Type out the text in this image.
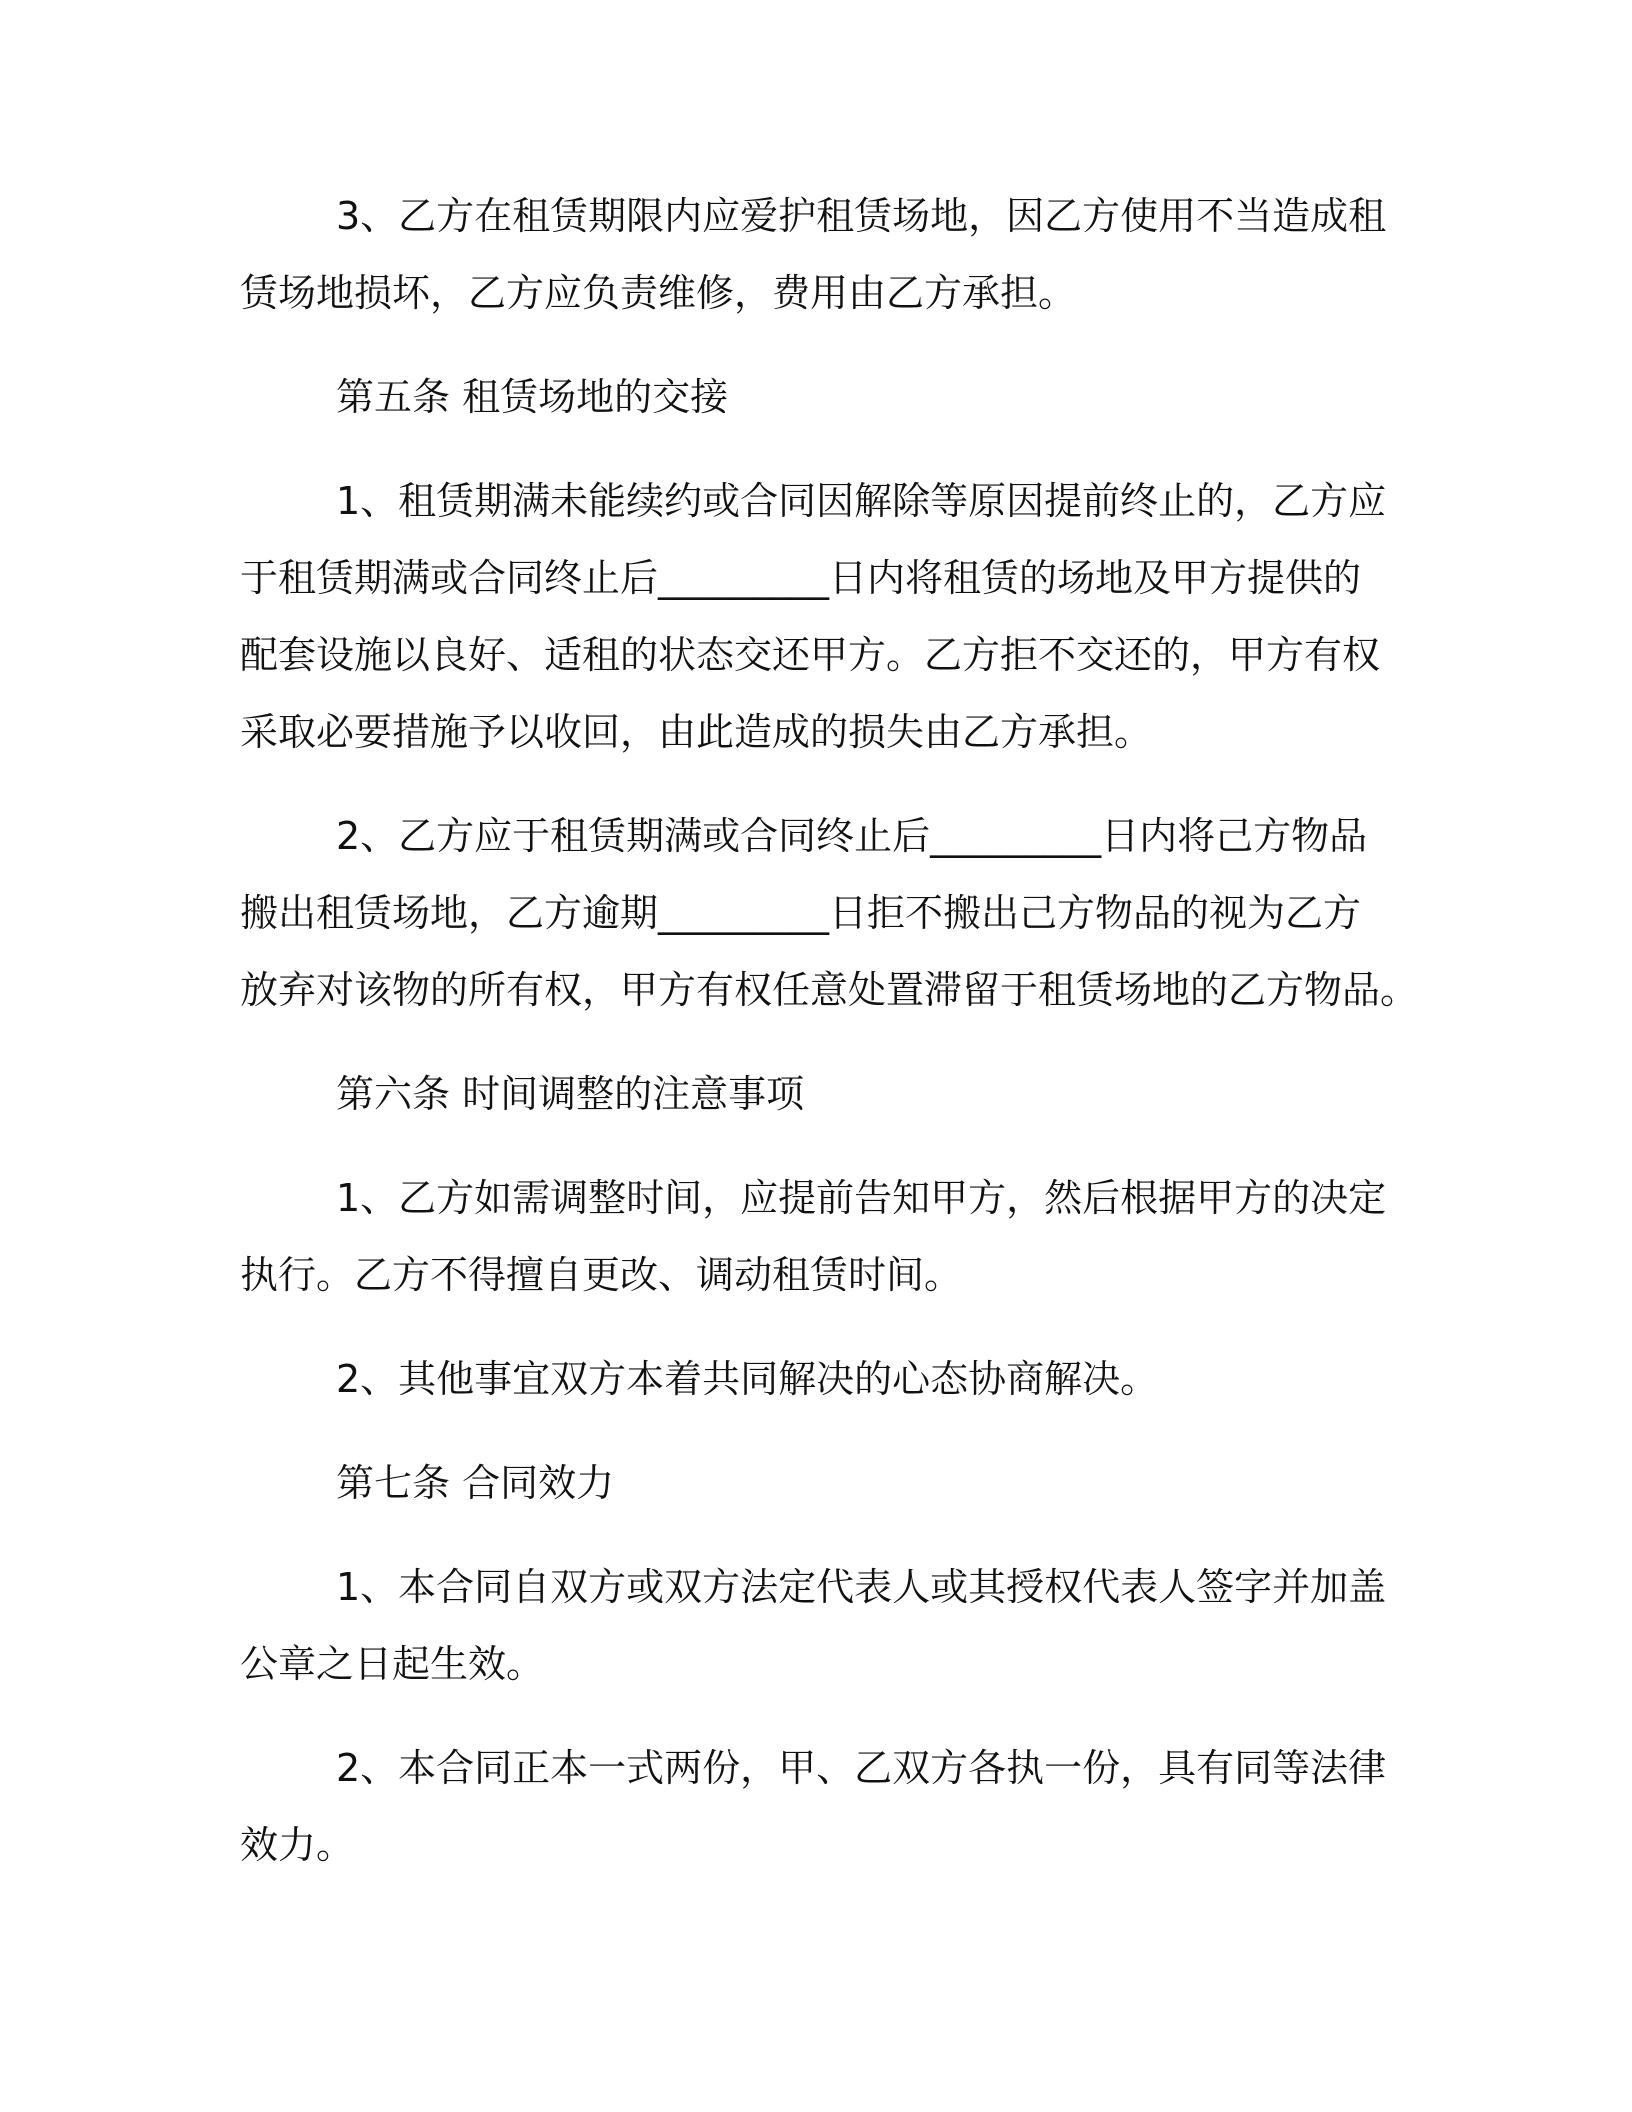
3、乙方在租赁期限内应爱护租赁场地，因乙方使用不当造成租
赁场地损坏，乙方应负责维修，费用由乙方承担。
第五条 租赁场地的交接
1、租赁期满未能续约或合同因解除等原因提前终止的，乙方应
于租赁期满或合同终止后_________日内将租赁的场地及甲方提供的
配套设施以良好、适租的状态交还甲方。乙方拒不交还的，甲方有权
采取必要措施予以收回，由此造成的损失由乙方承担。
2、乙方应于租赁期满或合同终止后_________日内将己方物品
搬出租赁场地，乙方逾期_________日拒不搬出己方物品的视为乙方
放弃对该物的所有权，甲方有权任意处置滞留于租赁场地的乙方物品。
第六条 时间调整的注意事项
1、乙方如需调整时间，应提前告知甲方，然后根据甲方的决定
执行。乙方不得擅自更改、调动租赁时间。
2、其他事宜双方本着共同解决的心态协商解决。
第七条 合同效力
1、本合同自双方或双方法定代表人或其授权代表人签字并加盖
公章之日起生效。
2、本合同正本一式两份，甲、乙双方各执一份，具有同等法律
效力。
